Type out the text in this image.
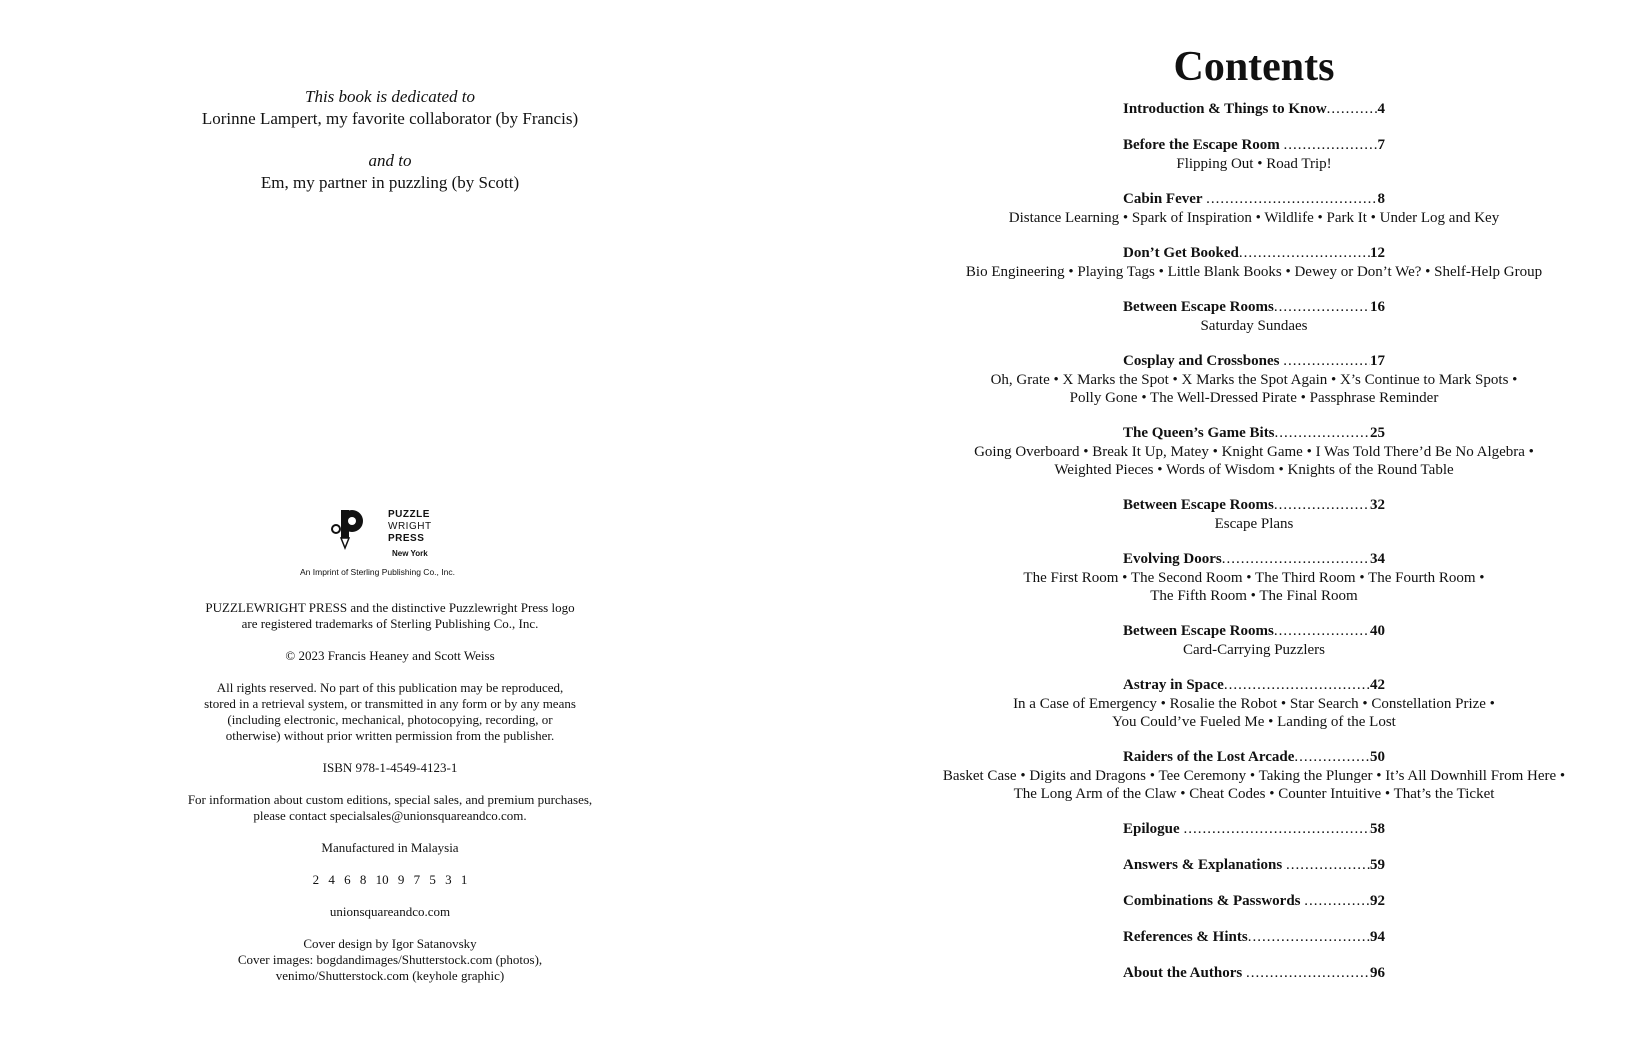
This book is dedicated to
Lorinne Lampert, my favorite collaborator (by Francis)
and to
Em, my partner in puzzling (by Scott)
PUZZLE
WRIGHT
PRESS
New York
An Imprint of Sterling Publishing Co., Inc.

PUZZLEWRIGHT PRESS and the distinctive Puzzlewright Press logo
are registered trademarks of Sterling Publishing Co., Inc.

© 2023 Francis Heaney and Scott Weiss

All rights reserved. No part of this publication may be reproduced,
stored in a retrieval system, or transmitted in any form or by any means
(including electronic, mechanical, photocopying, recording, or
otherwise) without prior written permission from the publisher.

ISBN 978-1-4549-4123-1

For information about custom editions, special sales, and premium purchases,
please contact specialsales@unionsquareandco.com.

Manufactured in Malaysia

2 4 6 8 10 9 7 5 3 1

unionsquareandco.com

Cover design by Igor Satanovsky
Cover images: bogdandimages/Shutterstock.com (photos),
venimo/Shutterstock.com (keyhole graphic)

Contents
Introduction & Things to Know .....	4
Before the Escape Room .....	7
Flipping Out • Road Trip!
Cabin Fever .....	8
Distance Learning • Spark of Inspiration • Wildlife • Park It • Under Log and Key
Don’t Get Booked .....	12
Bio Engineering • Playing Tags • Little Blank Books • Dewey or Don’t We? • Shelf-Help Group
Between Escape Rooms .....	16
Saturday Sundaes
Cosplay and Crossbones .....	17
Oh, Grate • X Marks the Spot • X Marks the Spot Again • X’s Continue to Mark Spots •
Polly Gone • The Well-Dressed Pirate • Passphrase Reminder
The Queen’s Game Bits .....	25
Going Overboard • Break It Up, Matey • Knight Game • I Was Told There’d Be No Algebra •
Weighted Pieces • Words of Wisdom • Knights of the Round Table
Between Escape Rooms .....	32
Escape Plans
Evolving Doors .....	34
The First Room • The Second Room • The Third Room • The Fourth Room •
The Fifth Room • The Final Room
Between Escape Rooms .....	40
Card-Carrying Puzzlers
Astray in Space .....	42
In a Case of Emergency • Rosalie the Robot • Star Search • Constellation Prize •
You Could’ve Fueled Me • Landing of the Lost
Raiders of the Lost Arcade .....	50
Basket Case • Digits and Dragons • Tee Ceremony • Taking the Plunger • It’s All Downhill From Here •
The Long Arm of the Claw • Cheat Codes • Counter Intuitive • That’s the Ticket
Epilogue .....	58
Answers & Explanations .....	59
Combinations & Passwords .....	92
References & Hints .....	94
About the Authors .....	96
